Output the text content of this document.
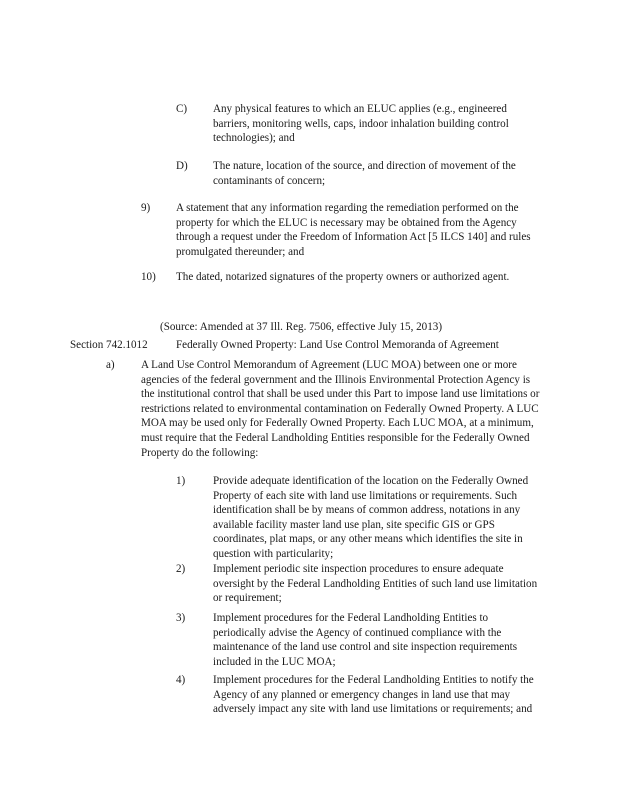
C) Any physical features to which an ELUC applies (e.g., engineered barriers, monitoring wells, caps, indoor inhalation building control technologies); and
D) The nature, location of the source, and direction of movement of the contaminants of concern;
9) A statement that any information regarding the remediation performed on the property for which the ELUC is necessary may be obtained from the Agency through a request under the Freedom of Information Act [5 ILCS 140] and rules promulgated thereunder; and
10) The dated, notarized signatures of the property owners or authorized agent.
(Source: Amended at 37 Ill. Reg. 7506, effective July 15, 2013)
Section 742.1012	Federally Owned Property: Land Use Control Memoranda of Agreement
a) A Land Use Control Memorandum of Agreement (LUC MOA) between one or more agencies of the federal government and the Illinois Environmental Protection Agency is the institutional control that shall be used under this Part to impose land use limitations or restrictions related to environmental contamination on Federally Owned Property. A LUC MOA may be used only for Federally Owned Property. Each LUC MOA, at a minimum, must require that the Federal Landholding Entities responsible for the Federally Owned Property do the following:
1)	Provide adequate identification of the location on the Federally Owned Property of each site with land use limitations or requirements. Such identification shall be by means of common address, notations in any available facility master land use plan, site specific GIS or GPS coordinates, plat maps, or any other means which identifies the site in question with particularity;
2)	Implement periodic site inspection procedures to ensure adequate oversight by the Federal Landholding Entities of such land use limitation or requirement;
3)	Implement procedures for the Federal Landholding Entities to periodically advise the Agency of continued compliance with the maintenance of the land use control and site inspection requirements included in the LUC MOA;
4)	Implement procedures for the Federal Landholding Entities to notify the Agency of any planned or emergency changes in land use that may adversely impact any site with land use limitations or requirements; and
